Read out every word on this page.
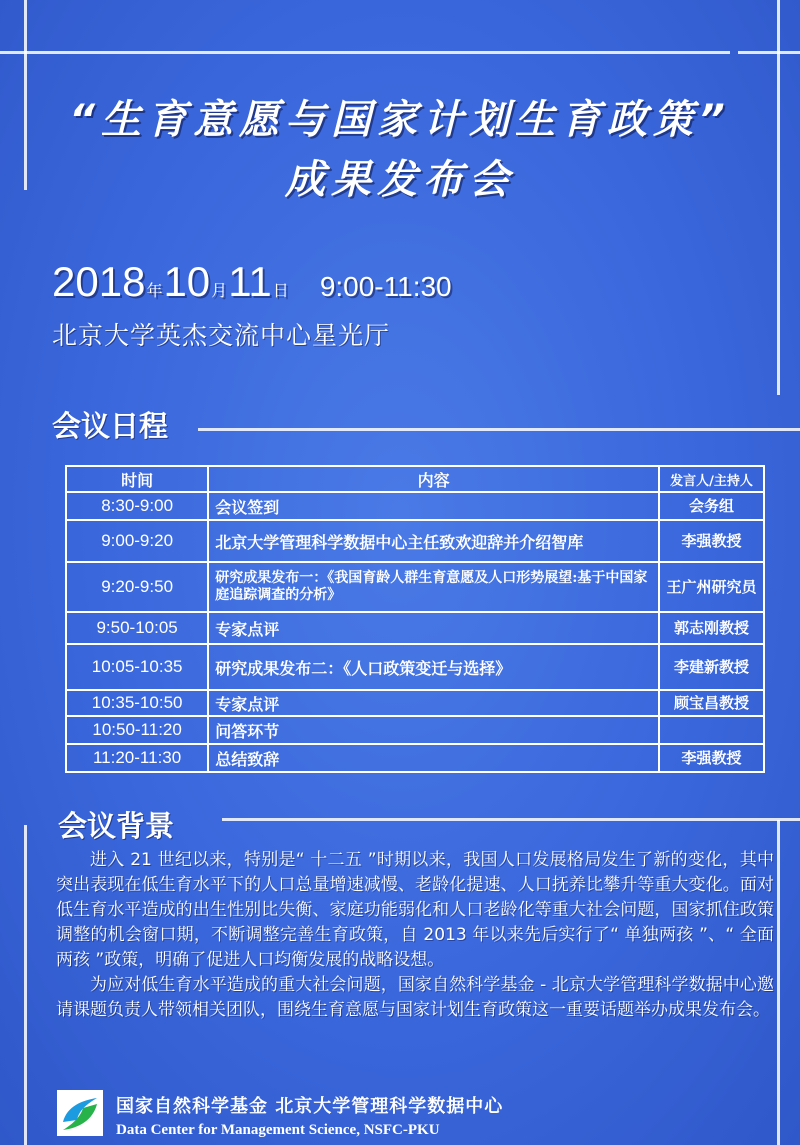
“生育意愿与国家计划生育政策”
成果发布会
2018年10月11日 9:00-11:30
北京大学英杰交流中心星光厅
会议日程
时间	内容	发言人/主持人
8:30-9:00	会议签到	会务组
9:00-9:20	北京大学管理科学数据中心主任致欢迎辞并介绍智库	李强教授
9:20-9:50	研究成果发布一：《我国育龄人群生育意愿及人口形势展望:基于中国家庭追踪调查的分析》	王广州研究员
9:50-10:05	专家点评	郭志刚教授
10:05-10:35	研究成果发布二：《人口政策变迁与选择》	李建新教授
10:35-10:50	专家点评	顾宝昌教授
10:50-11:20	问答环节	
11:20-11:30	总结致辞	李强教授
会议背景

进入 21 世纪以来，特别是“ 十二五 ”时期以来，我国人口发展格局发生了新的变化，其中突出表现在低生育水平下的人口总量增速减慢、老龄化提速、人口抚养比攀升等重大变化。面对低生育水平造成的出生性别比失衡、家庭功能弱化和人口老龄化等重大社会问题，国家抓住政策调整的机会窗口期，不断调整完善生育政策，自 2013 年以来先后实行了“ 单独两孩 ”、“ 全面两孩 ”政策，明确了促进人口均衡发展的战略设想。

为应对低生育水平造成的重大社会问题，国家自然科学基金 - 北京大学管理科学数据中心邀请课题负责人带领相关团队，围绕生育意愿与国家计划生育政策这一重要话题举办成果发布会。

国家自然科学基金 北京大学管理科学数据中心
Data Center for Management Science, NSFC-PKU
